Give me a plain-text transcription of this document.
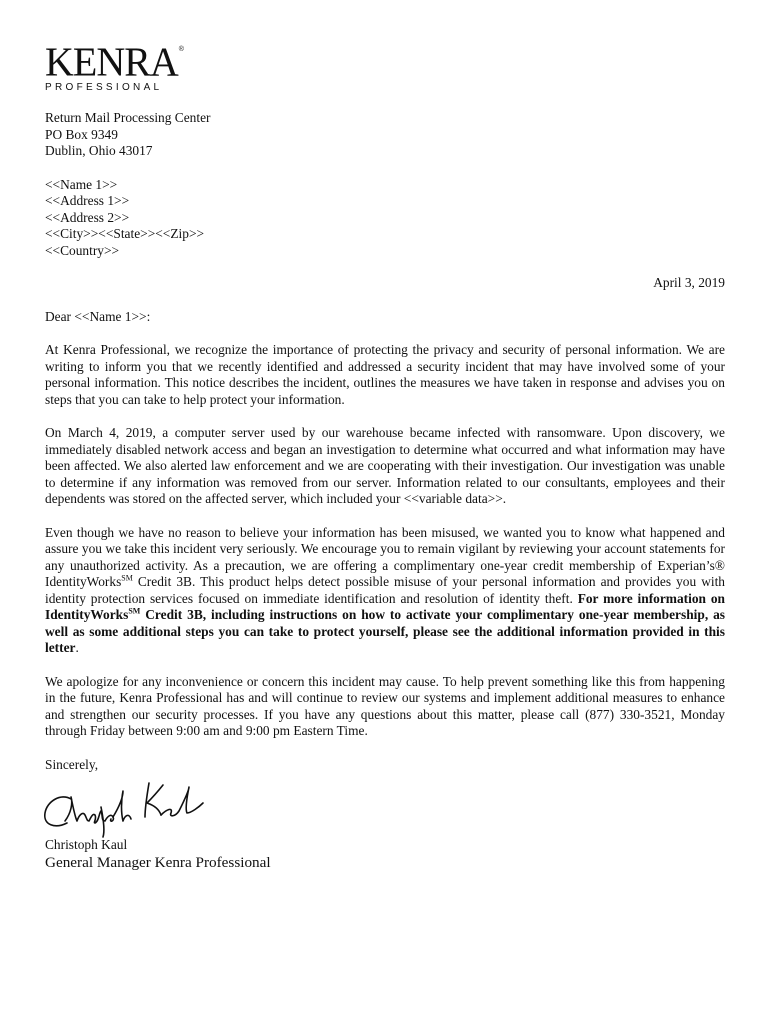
KENRA®
PROFESSIONAL
Return Mail Processing Center
PO Box 9349
Dublin, Ohio 43017
<<Name 1>>
<<Address 1>>
<<Address 2>>
<<City>><<State>><<Zip>>
<<Country>>
April 3, 2019
Dear <<Name 1>>:

At Kenra Professional, we recognize the importance of protecting the privacy and security of personal information. We are writing to inform you that we recently identified and addressed a security incident that may have involved some of your personal information. This notice describes the incident, outlines the measures we have taken in response and advises you on steps that you can take to help protect your information.

On March 4, 2019, a computer server used by our warehouse became infected with ransomware. Upon discovery, we immediately disabled network access and began an investigation to determine what occurred and what information may have been affected. We also alerted law enforcement and we are cooperating with their investigation. Our investigation was unable to determine if any information was removed from our server. Information related to our consultants, employees and their dependents was stored on the affected server, which included your <<variable data>>.

Even though we have no reason to believe your information has been misused, we wanted you to know what happened and assure you we take this incident very seriously. We encourage you to remain vigilant by reviewing your account statements for any unauthorized activity. As a precaution, we are offering a complimentary one-year credit membership of Experian’s® IdentityWorks℠ Credit 3B. This product helps detect possible misuse of your personal information and provides you with identity protection services focused on immediate identification and resolution of identity theft. For more information on IdentityWorks℠ Credit 3B, including instructions on how to activate your complimentary one-year membership, as well as some additional steps you can take to protect yourself, please see the additional information provided in this letter.

We apologize for any inconvenience or concern this incident may cause. To help prevent something like this from happening in the future, Kenra Professional has and will continue to review our systems and implement additional measures to enhance and strengthen our security processes. If you have any questions about this matter, please call (877) 330-3521, Monday through Friday between 9:00 am and 9:00 pm Eastern Time.

Sincerely,
Christoph Kaul
General Manager Kenra Professional
